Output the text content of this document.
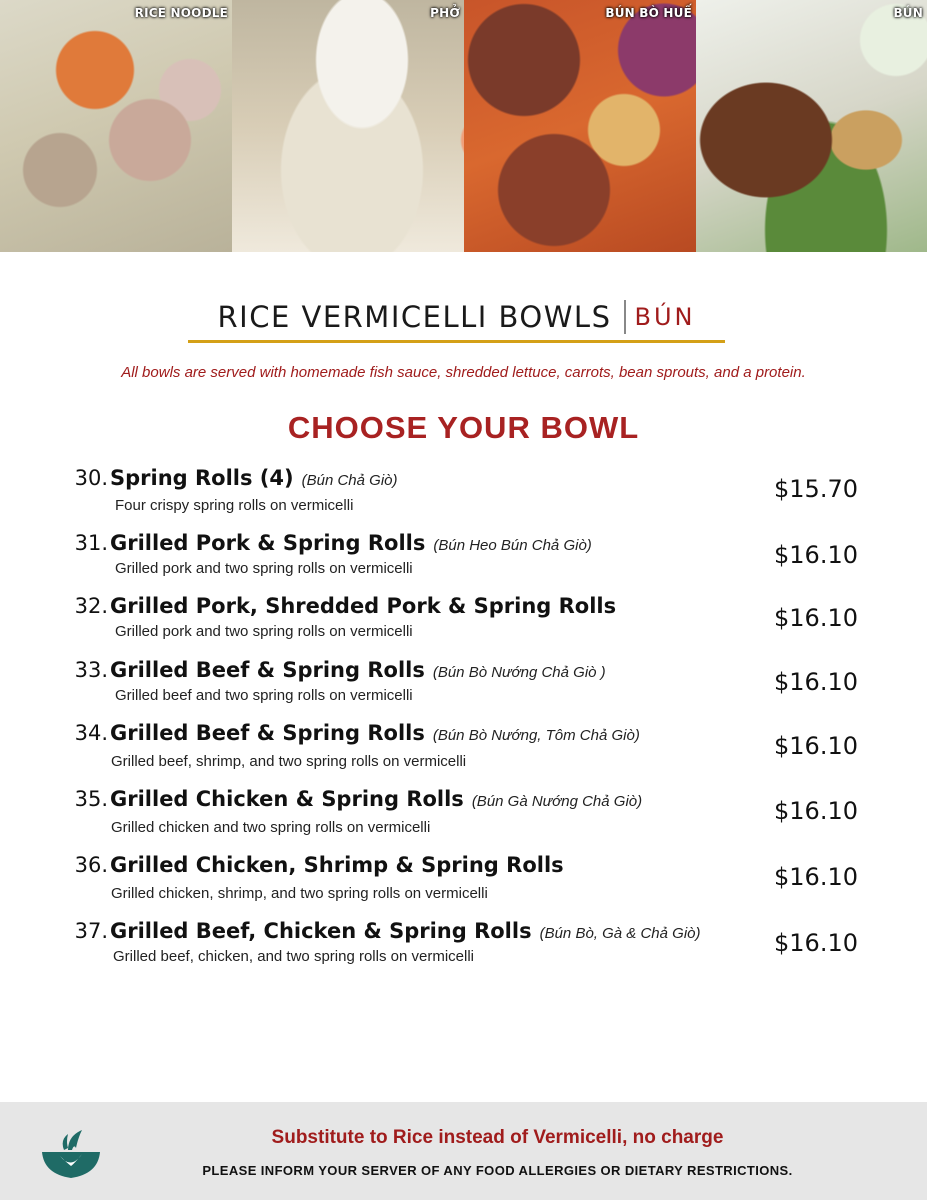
RICE NOODLE	PHỞ	BÚN BÒ HUẾ	BÚN
RICE VERMICELLI BOWLS BÚN
All bowls are served with homemade fish sauce, shredded lettuce, carrots, bean sprouts, and a protein.
CHOOSE YOUR BOWL
30. Spring Rolls (4) (Bún Chả Giò)
Four crispy spring rolls on vermicelli
$15.70
31. Grilled Pork & Spring Rolls (Bún Heo Bún Chả Giò)
Grilled pork and two spring rolls on vermicelli	$16.10
32. Grilled Pork, Shredded Pork & Spring Rolls
Grilled pork and two spring rolls on vermicelli	$16.10
33. Grilled Beef & Spring Rolls (Bún Bò Nướng Chả Giò )
Grilled beef and two spring rolls on vermicelli	$16.10
34. Grilled Beef & Spring Rolls (Bún Bò Nướng, Tôm Chả Giò)
Grilled beef, shrimp, and two spring rolls on vermicelli
$16.10
35. Grilled Chicken & Spring Rolls (Bún Gà Nướng Chả Giò)
Grilled chicken and two spring rolls on vermicelli
$16.10
36. Grilled Chicken, Shrimp & Spring Rolls
Grilled chicken, shrimp, and two spring rolls on vermicelli
$16.10
37. Grilled Beef, Chicken & Spring Rolls (Bún Bò, Gà & Chả Giò)
Grilled beef, chicken, and two spring rolls on vermicelli	$16.10
Substitute to Rice instead of Vermicelli, no charge
PLEASE INFORM YOUR SERVER OF ANY FOOD ALLERGIES OR DIETARY RESTRICTIONS.
